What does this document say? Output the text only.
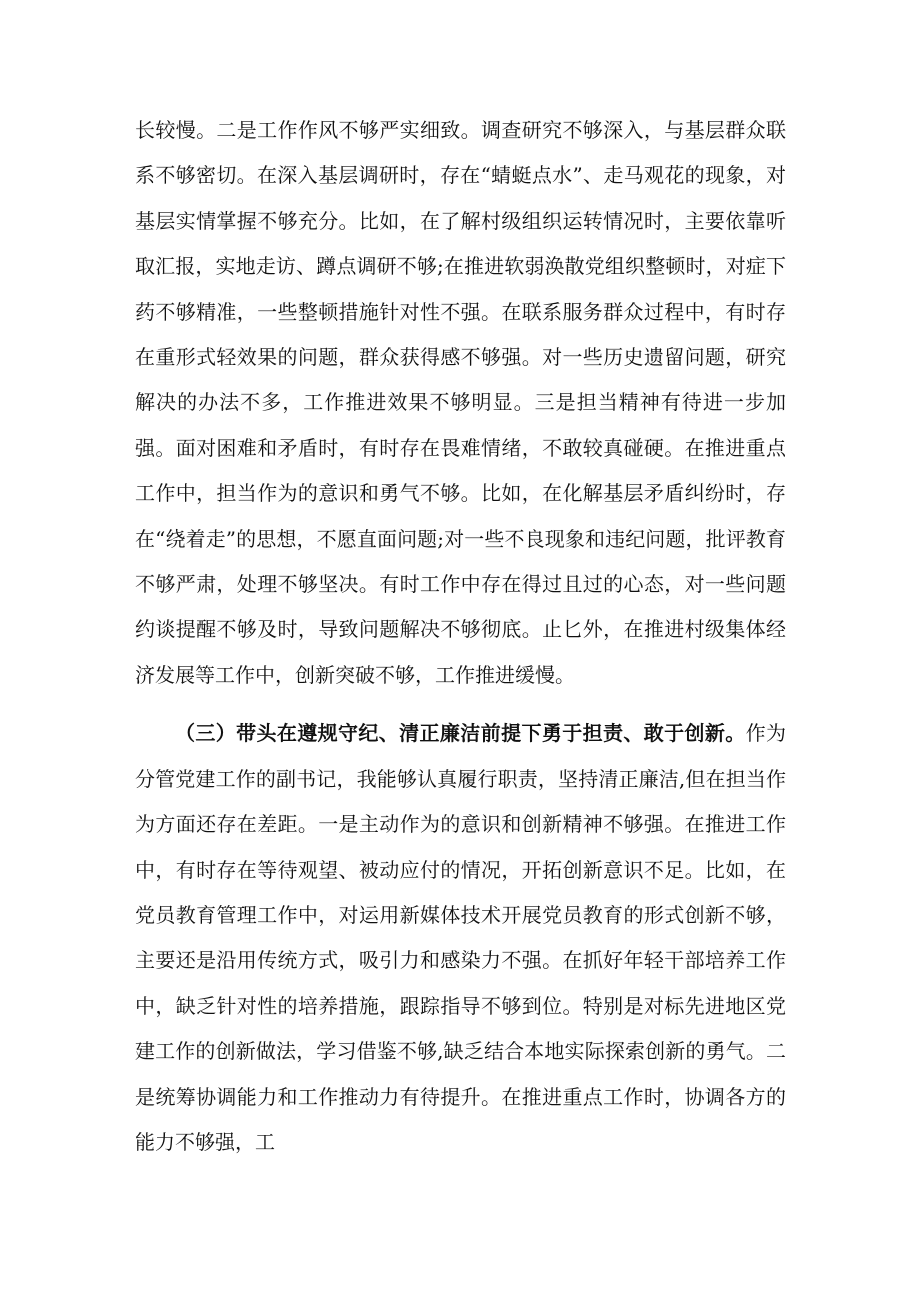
长较慢。二是工作作风不够严实细致。调查研究不够深入，与基层群众联系不够密切。在深入基层调研时，存在“蜻蜓点水”、走马观花的现象，对基层实情掌握不够充分。比如，在了解村级组织运转情况时，主要依靠听取汇报，实地走访、蹲点调研不够;在推进软弱涣散党组织整顿时，对症下药不够精准，一些整顿措施针对性不强。在联系服务群众过程中，有时存在重形式轻效果的问题，群众获得感不够强。对一些历史遗留问题，研究解决的办法不多，工作推进效果不够明显。三是担当精神有待进一步加强。面对困难和矛盾时，有时存在畏难情绪，不敢较真碰硬。在推进重点工作中，担当作为的意识和勇气不够。比如，在化解基层矛盾纠纷时，存在“绕着走”的思想，不愿直面问题;对一些不良现象和违纪问题，批评教育不够严肃，处理不够坚决。有时工作中存在得过且过的心态，对一些问题约谈提醒不够及时，导致问题解决不够彻底。止匕外，在推进村级集体经济发展等工作中，创新突破不够，工作推进缓慢。

（三）带头在遵规守纪、清正廉洁前提下勇于担责、敢于创新。作为分管党建工作的副书记，我能够认真履行职责，坚持清正廉洁,但在担当作为方面还存在差距。一是主动作为的意识和创新精神不够强。在推进工作中，有时存在等待观望、被动应付的情况，开拓创新意识不足。比如，在党员教育管理工作中，对运用新媒体技术开展党员教育的形式创新不够，主要还是沿用传统方式，吸引力和感染力不强。在抓好年轻干部培养工作中，缺乏针对性的培养措施，跟踪指导不够到位。特别是对标先进地区党建工作的创新做法，学习借鉴不够,缺乏结合本地实际探索创新的勇气。二是统筹协调能力和工作推动力有待提升。在推进重点工作时，协调各方的能力不够强，工
